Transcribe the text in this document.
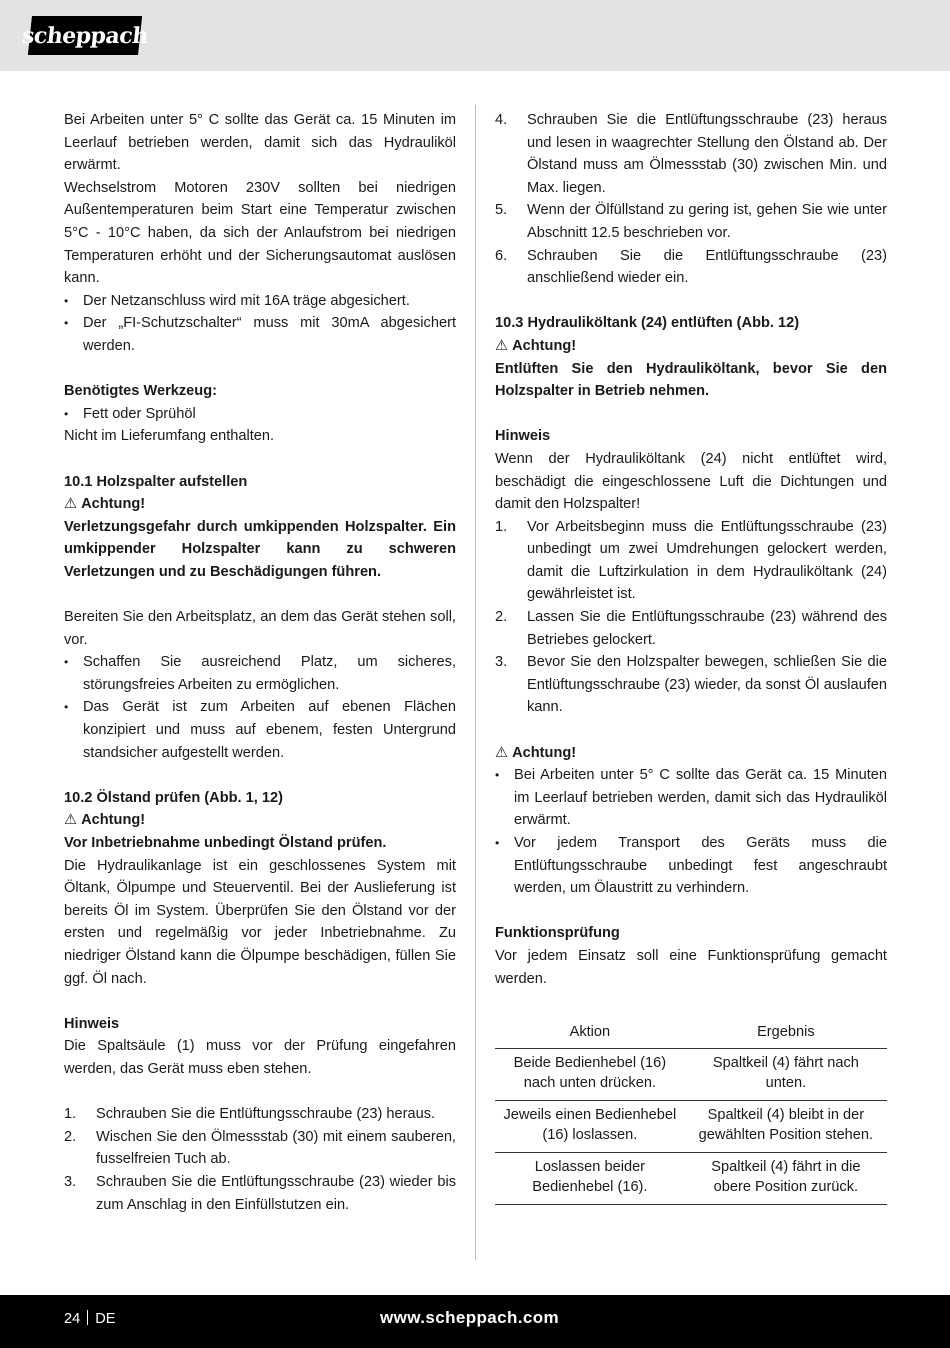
scheppach

Bei Arbeiten unter 5° C sollte das Gerät ca. 15 Minuten im Leerlauf betrieben werden, damit sich das Hydrauliköl erwärmt.

Wechselstrom Motoren 230V sollten bei niedrigen Außentemperaturen beim Start eine Temperatur zwischen 5°C - 10°C haben, da sich der Anlaufstrom bei niedrigen Temperaturen erhöht und der Sicherungsautomat auslösen kann.

• Der Netzanschluss wird mit 16A träge abgesichert.
• Der „FI-Schutzschalter“ muss mit 30mA abgesichert werden.

Benötigtes Werkzeug:

• Fett oder Sprühöl

Nicht im Lieferumfang enthalten.

10.1 Holzspalter aufstellen

⚠ Achtung!

Verletzungsgefahr durch umkippenden Holzspalter. Ein umkippender Holzspalter kann zu schweren Verletzungen und zu Beschädigungen führen.

Bereiten Sie den Arbeitsplatz, an dem das Gerät stehen soll, vor.

• Schaffen Sie ausreichend Platz, um sicheres, störungsfreies Arbeiten zu ermöglichen.
• Das Gerät ist zum Arbeiten auf ebenen Flächen konzipiert und muss auf ebenem, festen Untergrund standsicher aufgestellt werden.

10.2 Ölstand prüfen (Abb. 1, 12)

⚠ Achtung!

Vor Inbetriebnahme unbedingt Ölstand prüfen.

Die Hydraulikanlage ist ein geschlossenes System mit Öltank, Ölpumpe und Steuerventil. Bei der Auslieferung ist bereits Öl im System. Überprüfen Sie den Ölstand vor der ersten und regelmäßig vor jeder Inbetriebnahme. Zu niedriger Ölstand kann die Ölpumpe beschädigen, füllen Sie ggf. Öl nach.

Hinweis

Die Spaltsäule (1) muss vor der Prüfung eingefahren werden, das Gerät muss eben stehen.

1. Schrauben Sie die Entlüftungsschraube (23) heraus.
2. Wischen Sie den Ölmessstab (30) mit einem sauberen, fusselfreien Tuch ab.
3. Schrauben Sie die Entlüftungsschraube (23) wieder bis zum Anschlag in den Einfüllstutzen ein.
4. Schrauben Sie die Entlüftungsschraube (23) heraus und lesen in waagrechter Stellung den Ölstand ab. Der Ölstand muss am Ölmessstab (30) zwischen Min. und Max. liegen.
5. Wenn der Ölfüllstand zu gering ist, gehen Sie wie unter Abschnitt 12.5 beschrieben vor.
6. Schrauben Sie die Entlüftungsschraube (23) anschließend wieder ein.

10.3 Hydrauliköltank (24) entlüften (Abb. 12)

⚠ Achtung!

Entlüften Sie den Hydrauliköltank, bevor Sie den Holzspalter in Betrieb nehmen.

Hinweis

Wenn der Hydrauliköltank (24) nicht entlüftet wird, beschädigt die eingeschlossene Luft die Dichtungen und damit den Holzspalter!

1. Vor Arbeitsbeginn muss die Entlüftungsschraube (23) unbedingt um zwei Umdrehungen gelockert werden, damit die Luftzirkulation in dem Hydrauliköltank (24) gewährleistet ist.
2. Lassen Sie die Entlüftungsschraube (23) während des Betriebes gelockert.
3. Bevor Sie den Holzspalter bewegen, schließen Sie die Entlüftungsschraube (23) wieder, da sonst Öl auslaufen kann.

⚠ Achtung!

• Bei Arbeiten unter 5° C sollte das Gerät ca. 15 Minuten im Leerlauf betrieben werden, damit sich das Hydrauliköl erwärmt.
• Vor jedem Transport des Geräts muss die Entlüftungsschraube unbedingt fest angeschraubt werden, um Ölaustritt zu verhindern.

Funktionsprüfung

Vor jedem Einsatz soll eine Funktionsprüfung gemacht werden.

Aktion	Ergebnis
Beide Bedienhebel (16) nach unten drücken.	Spaltkeil (4) fährt nach unten.
Jeweils einen Bedienhebel (16) loslassen.	Spaltkeil (4) bleibt in der gewählten Position stehen.
Loslassen beider Bedienhebel (16).	Spaltkeil (4) fährt in die obere Position zurück.
24 DE	www.scheppach.com
